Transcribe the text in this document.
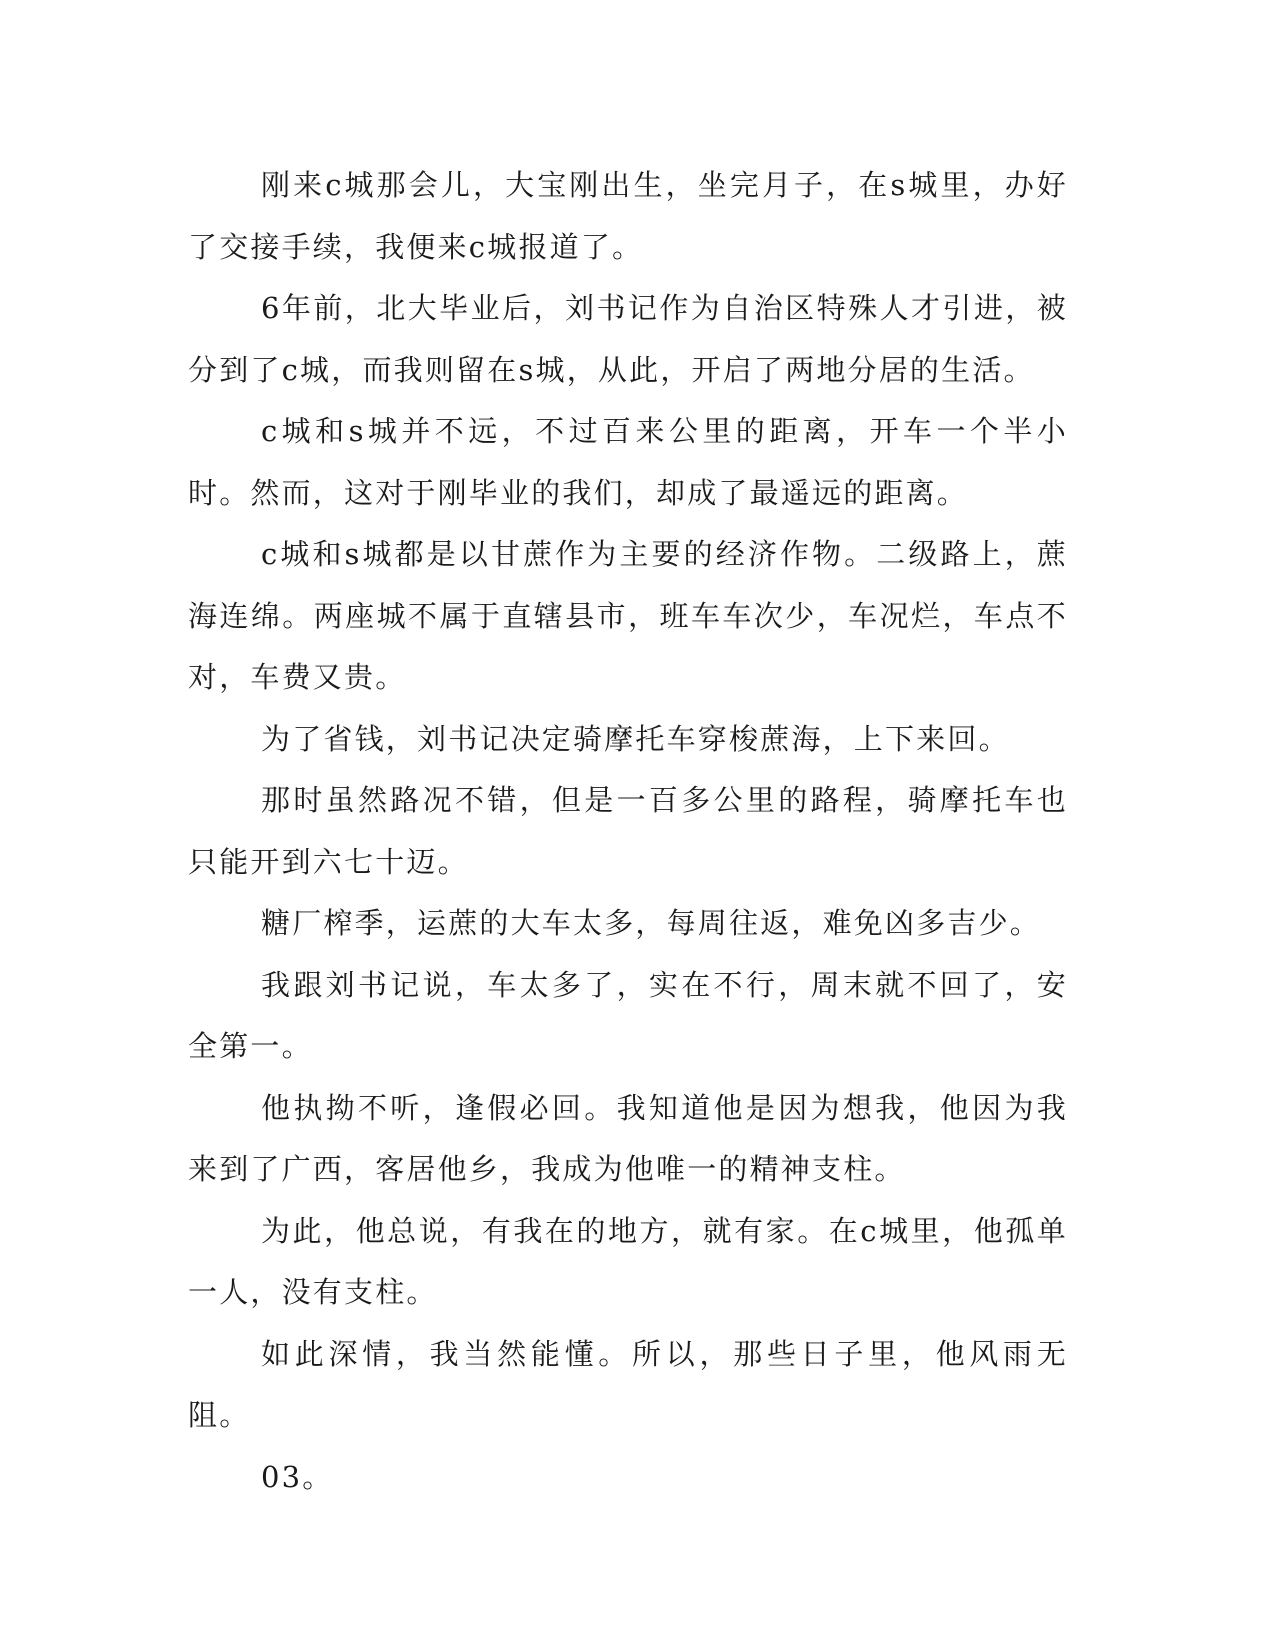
刚来c城那会儿，大宝刚出生，坐完月子，在s城里，办好了交接手续，我便来c城报道了。

6年前，北大毕业后，刘书记作为自治区特殊人才引进，被分到了c城，而我则留在s城，从此，开启了两地分居的生活。

c城和s城并不远，不过百来公里的距离，开车一个半小时。然而，这对于刚毕业的我们，却成了最遥远的距离。

c城和s城都是以甘蔗作为主要的经济作物。二级路上，蔗海连绵。两座城不属于直辖县市，班车车次少，车况烂，车点不对，车费又贵。

为了省钱，刘书记决定骑摩托车穿梭蔗海，上下来回。

那时虽然路况不错，但是一百多公里的路程，骑摩托车也只能开到六七十迈。

糖厂榨季，运蔗的大车太多，每周往返，难免凶多吉少。

我跟刘书记说，车太多了，实在不行，周末就不回了，安全第一。

他执拗不听，逢假必回。我知道他是因为想我，他因为我来到了广西，客居他乡，我成为他唯一的精神支柱。

为此，他总说，有我在的地方，就有家。在c城里，他孤单一人，没有支柱。

如此深情，我当然能懂。所以，那些日子里，他风雨无阻。

03。
